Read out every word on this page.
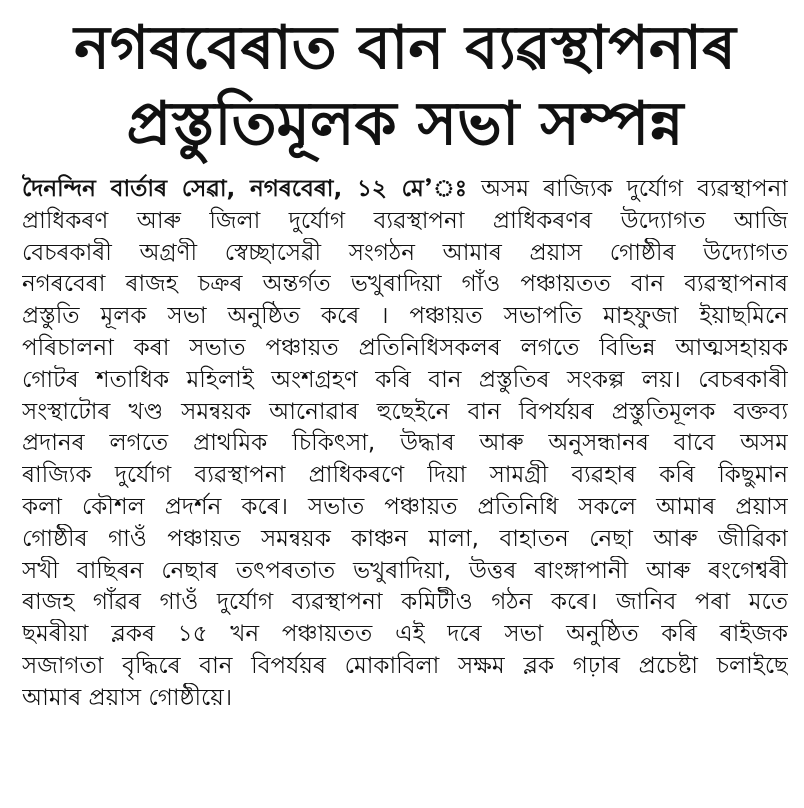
নগৰবেৰাত বান ব্যৱস্থাপনাৰ
প্ৰস্তুতিমূলক সভা সম্পন্ন
দৈনন্দিন বাৰ্তাৰ সেৱা, নগৰবেৰা, ১২ মে’ঃ অসম ৰাজ্যিক দুৰ্যোগ ব্যৱস্থাপনা
প্ৰাধিকৰণ আৰু জিলা দুৰ্যোগ ব্যৱস্থাপনা প্ৰাধিকৰণৰ উদ্যোগত আজি
বেচৰকাৰী অগ্ৰণী স্বেচ্ছাসেৱী সংগঠন আমাৰ প্ৰয়াস গোষ্ঠীৰ উদ্যোগত
নগৰবেৰা ৰাজহ চক্ৰৰ অন্তৰ্গত ভখুৰাদিয়া গাঁও পঞ্চায়তত বান ব্যৱস্থাপনাৰ
প্ৰস্তুতি মূলক সভা অনুষ্ঠিত কৰে । পঞ্চায়ত সভাপতি মাহফুজা ইয়াছমিনে
পৰিচালনা কৰা সভাত পঞ্চায়ত প্ৰতিনিধিসকলৰ লগতে বিভিন্ন আত্মসহায়ক
গোটৰ শতাধিক মহিলাই অংশগ্ৰহণ কৰি বান প্ৰস্তুতিৰ সংকল্প লয়। বেচৰকাৰী
সংস্থাটোৰ খণ্ড সমন্বয়ক আনোৱাৰ হুছেইনে বান বিপৰ্যয়ৰ প্ৰস্তুতিমূলক বক্তব্য
প্ৰদানৰ লগতে প্ৰাথমিক চিকিৎসা, উদ্ধাৰ আৰু অনুসন্ধানৰ বাবে অসম
ৰাজ্যিক দুৰ্যোগ ব্যৱস্থাপনা প্ৰাধিকৰণে দিয়া সামগ্ৰী ব্যৱহাৰ কৰি কিছুমান
কলা কৌশল প্ৰদৰ্শন কৰে। সভাত পঞ্চায়ত প্ৰতিনিধি সকলে আমাৰ প্ৰয়াস
গোষ্ঠীৰ গাওঁ পঞ্চায়ত সমন্বয়ক কাঞ্চন মালা, বাহাতন নেছা আৰু জীৱিকা
সখী বাছিৰন নেছাৰ তৎপৰতাত ভখুৰাদিয়া, উত্তৰ ৰাংঙ্গাপানী আৰু ৰংগেশ্বৰী
ৰাজহ গাঁৱৰ গাওঁ দুৰ্যোগ ব্যৱস্থাপনা কমিটীও গঠন কৰে। জানিব পৰা মতে
ছমৰীয়া ব্লকৰ ১৫ খন পঞ্চায়তত এই দৰে সভা অনুষ্ঠিত কৰি ৰাইজক
সজাগতা বৃদ্ধিৰে বান বিপৰ্যয়ৰ মোকাবিলা সক্ষম ব্লক গঢ়াৰ প্ৰচেষ্টা চলাইছে
আমাৰ প্ৰয়াস গোষ্ঠীয়ে।
